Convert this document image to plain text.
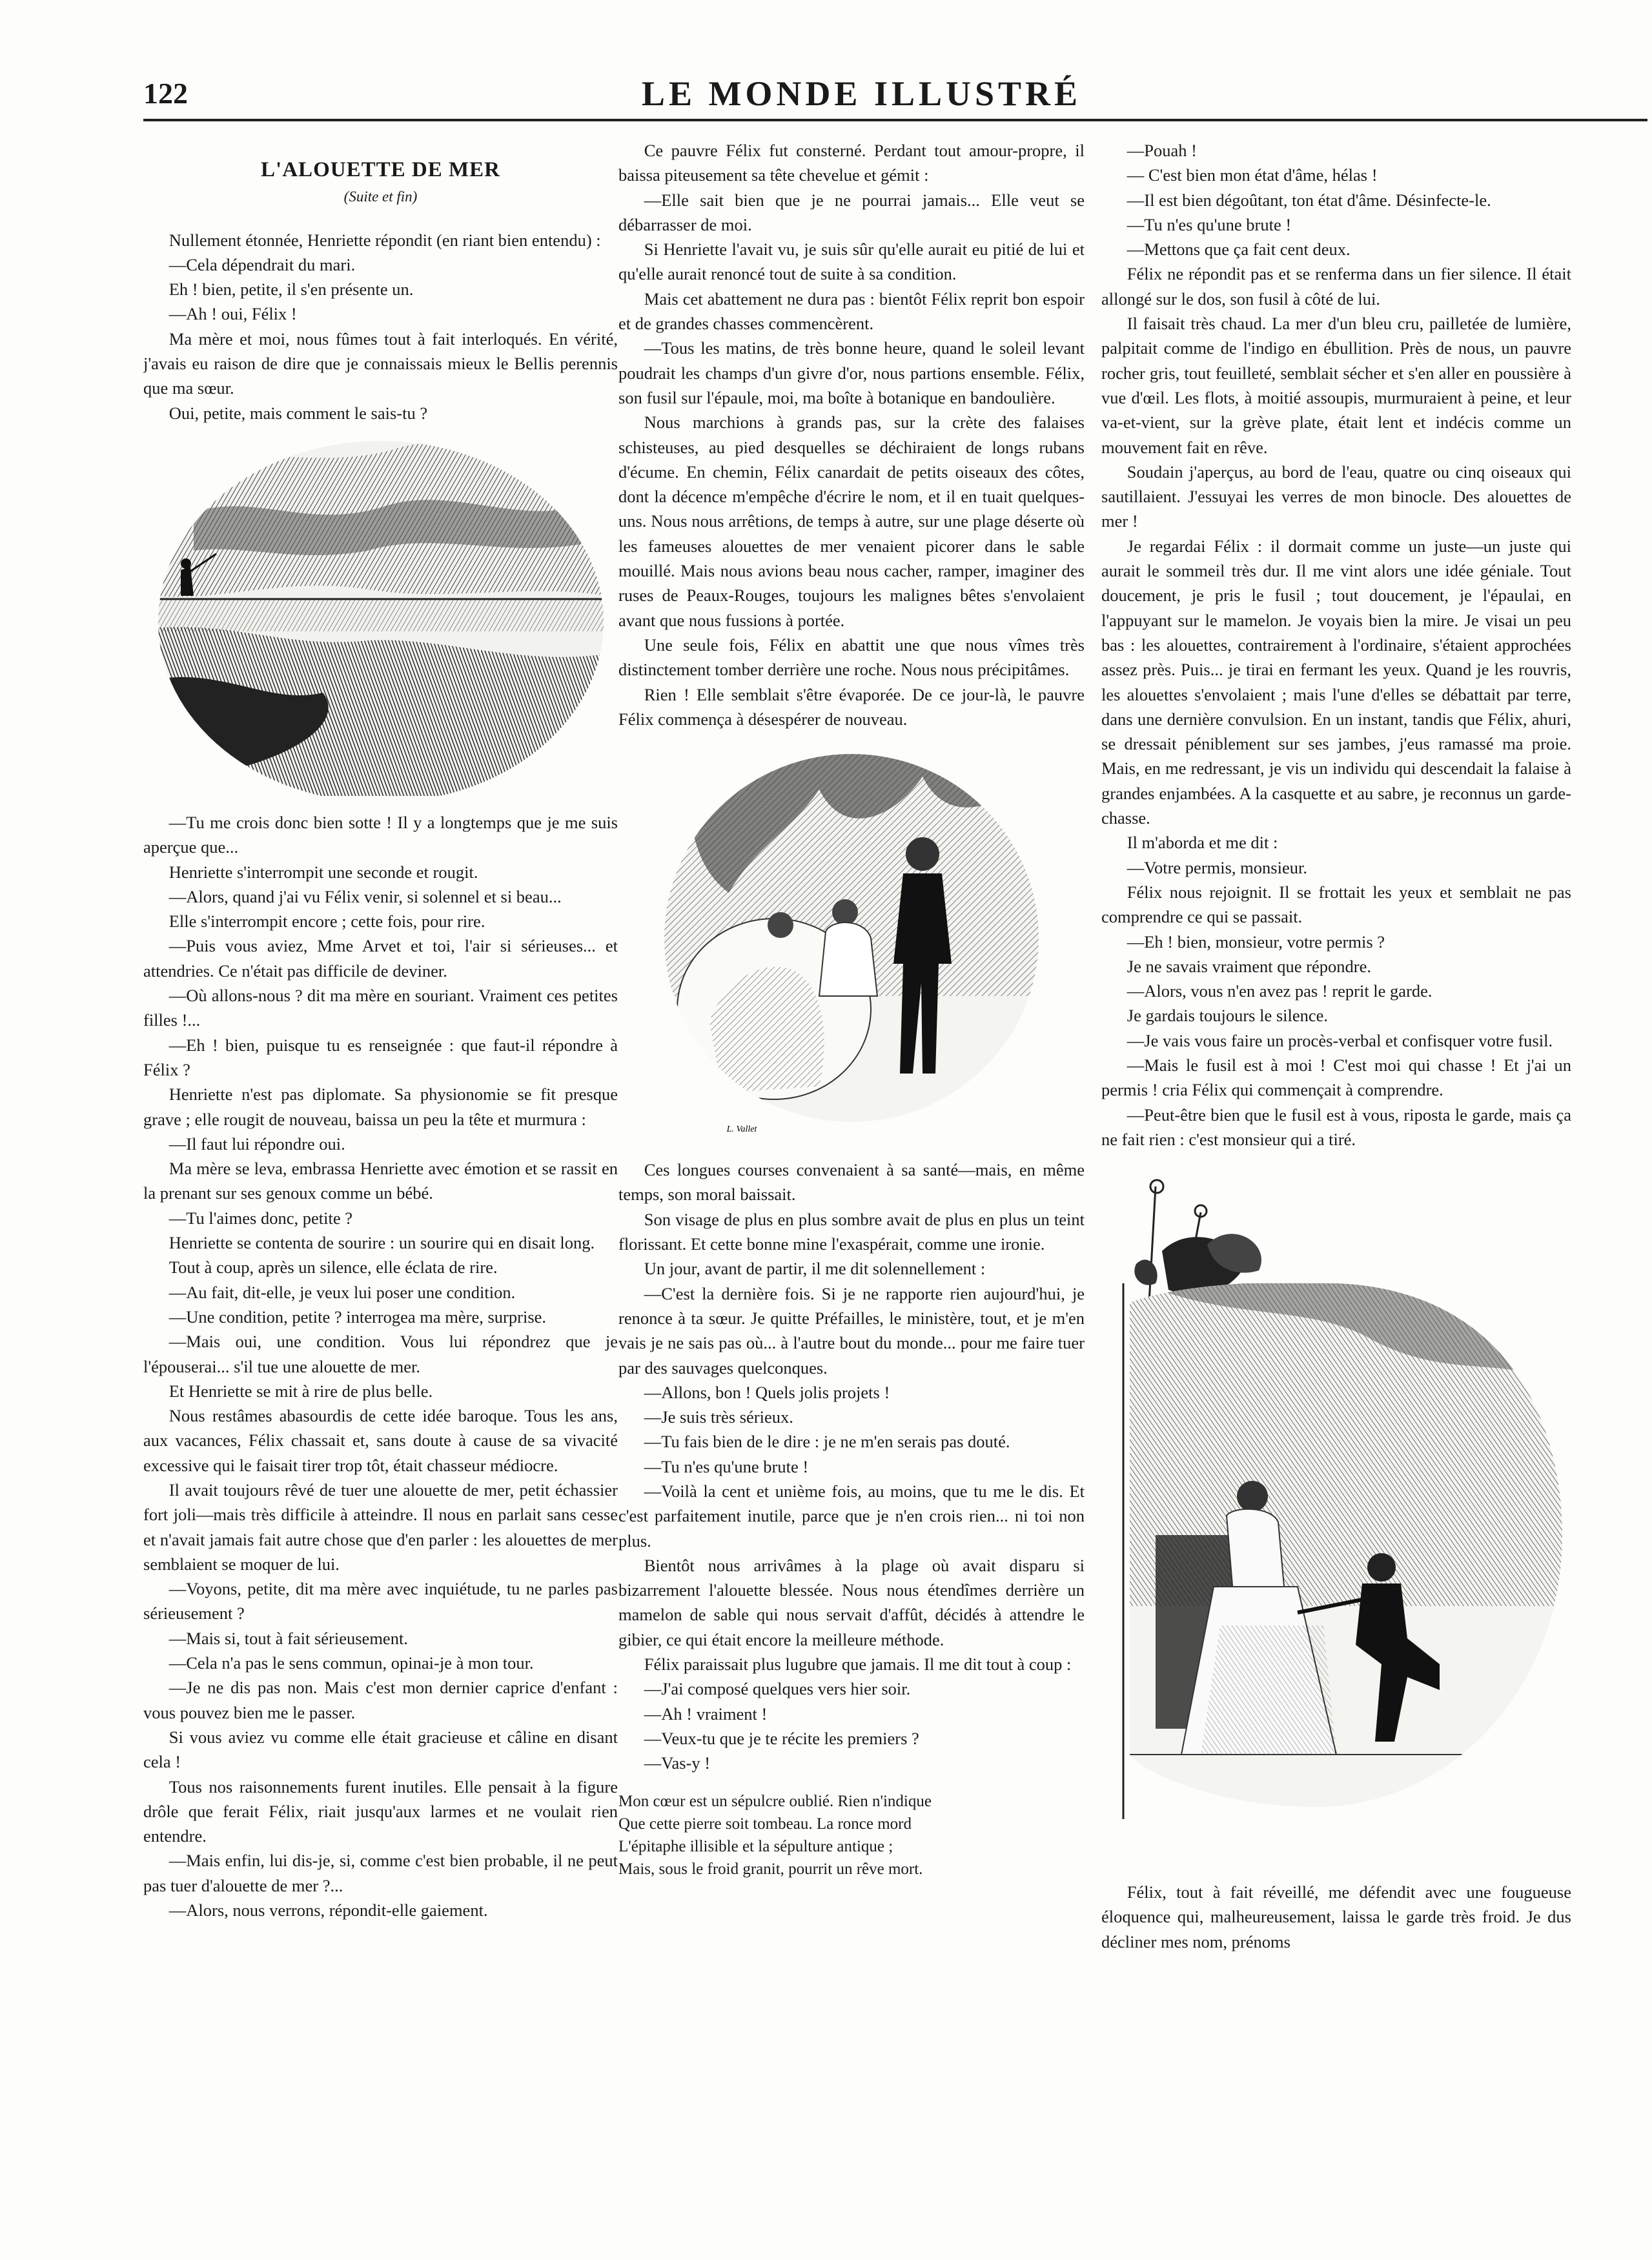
122	LE MONDE ILLUSTRÉ
L'ALOUETTE DE MER
(Suite et fin)

Nullement étonnée, Henriette répondit (en riant bien entendu) :

—Cela dépendrait du mari.

Eh ! bien, petite, il s'en présente un.

—Ah ! oui, Félix !

Ma mère et moi, nous fûmes tout à fait interloqués. En vérité, j'avais eu raison de dire que je connaissais mieux le Bellis perennis que ma sœur.

Oui, petite, mais comment le sais-tu ?

—Tu me crois donc bien sotte ! Il y a longtemps que je me suis aperçue que...

Henriette s'interrompit une seconde et rougit.

—Alors, quand j'ai vu Félix venir, si solennel et si beau...

Elle s'interrompit encore ; cette fois, pour rire.

—Puis vous aviez, Mme Arvet et toi, l'air si sérieuses... et attendries. Ce n'était pas difficile de deviner.

—Où allons-nous ? dit ma mère en souriant. Vraiment ces petites filles !...

—Eh ! bien, puisque tu es renseignée : que faut-il répondre à Félix ?

Henriette n'est pas diplomate. Sa physionomie se fit presque grave ; elle rougit de nouveau, baissa un peu la tête et murmura :

—Il faut lui répondre oui.

Ma mère se leva, embrassa Henriette avec émotion et se rassit en la prenant sur ses genoux comme un bébé.

—Tu l'aimes donc, petite ?

Henriette se contenta de sourire : un sourire qui en disait long.

Tout à coup, après un silence, elle éclata de rire.

—Au fait, dit-elle, je veux lui poser une condition.

—Une condition, petite ? interrogea ma mère, surprise.

—Mais oui, une condition. Vous lui répondrez que je l'épouserai... s'il tue une alouette de mer.

Et Henriette se mit à rire de plus belle.

Nous restâmes abasourdis de cette idée baroque. Tous les ans, aux vacances, Félix chassait et, sans doute à cause de sa vivacité excessive qui le faisait tirer trop tôt, était chasseur médiocre.

Il avait toujours rêvé de tuer une alouette de mer, petit échassier fort joli—mais très difficile à atteindre. Il nous en parlait sans cesse et n'avait jamais fait autre chose que d'en parler : les alouettes de mer semblaient se moquer de lui.

—Voyons, petite, dit ma mère avec inquiétude, tu ne parles pas sérieusement ?

—Mais si, tout à fait sérieusement.

—Cela n'a pas le sens commun, opinai-je à mon tour.

—Je ne dis pas non. Mais c'est mon dernier caprice d'enfant : vous pouvez bien me le passer.

Si vous aviez vu comme elle était gracieuse et câline en disant cela !

Tous nos raisonnements furent inutiles. Elle pensait à la figure drôle que ferait Félix, riait jusqu'aux larmes et ne voulait rien entendre.

—Mais enfin, lui dis-je, si, comme c'est bien probable, il ne peut pas tuer d'alouette de mer ?...

—Alors, nous verrons, répondit-elle gaiement.

Ce pauvre Félix fut consterné. Perdant tout amour-propre, il baissa piteusement sa tête chevelue et gémit :

—Elle sait bien que je ne pourrai jamais... Elle veut se débarrasser de moi.

Si Henriette l'avait vu, je suis sûr qu'elle aurait eu pitié de lui et qu'elle aurait renoncé tout de suite à sa condition.

Mais cet abattement ne dura pas : bientôt Félix reprit bon espoir et de grandes chasses commencèrent.

—Tous les matins, de très bonne heure, quand le soleil levant poudrait les champs d'un givre d'or, nous partions ensemble. Félix, son fusil sur l'épaule, moi, ma boîte à botanique en bandoulière.

Nous marchions à grands pas, sur la crète des falaises schisteuses, au pied desquelles se déchiraient de longs rubans d'écume. En chemin, Félix canardait de petits oiseaux des côtes, dont la décence m'empêche d'écrire le nom, et il en tuait quelques-uns. Nous nous arrêtions, de temps à autre, sur une plage déserte où les fameuses alouettes de mer venaient picorer dans le sable mouillé. Mais nous avions beau nous cacher, ramper, imaginer des ruses de Peaux-Rouges, toujours les malignes bêtes s'envolaient avant que nous fussions à portée.

Une seule fois, Félix en abattit une que nous vîmes très distinctement tomber derrière une roche. Nous nous précipitâmes.

Rien ! Elle semblait s'être évaporée. De ce jour-là, le pauvre Félix commença à désespérer de nouveau.

L. Vallet

Ces longues courses convenaient à sa santé—mais, en même temps, son moral baissait.

Son visage de plus en plus sombre avait de plus en plus un teint florissant. Et cette bonne mine l'exaspérait, comme une ironie.

Un jour, avant de partir, il me dit solennellement :

—C'est la dernière fois. Si je ne rapporte rien aujourd'hui, je renonce à ta sœur. Je quitte Préfailles, le ministère, tout, et je m'en vais je ne sais pas où... à l'autre bout du monde... pour me faire tuer par des sauvages quelconques.

—Allons, bon ! Quels jolis projets !

—Je suis très sérieux.

—Tu fais bien de le dire : je ne m'en serais pas douté.

—Tu n'es qu'une brute !

—Voilà la cent et unième fois, au moins, que tu me le dis. Et c'est parfaitement inutile, parce que je n'en crois rien... ni toi non plus.

Bientôt nous arrivâmes à la plage où avait disparu si bizarrement l'alouette blessée. Nous nous étendîmes derrière un mamelon de sable qui nous servait d'affût, décidés à attendre le gibier, ce qui était encore la meilleure méthode.

Félix paraissait plus lugubre que jamais. Il me dit tout à coup :

—J'ai composé quelques vers hier soir.

—Ah ! vraiment !

—Veux-tu que je te récite les premiers ?

—Vas-y !

Mon cœur est un sépulcre oublié. Rien n'indique
Que cette pierre soit tombeau. La ronce mord
L'épitaphe illisible et la sépulture antique ;
Mais, sous le froid granit, pourrit un rêve mort.

—Pouah !

— C'est bien mon état d'âme, hélas !

—Il est bien dégoûtant, ton état d'âme. Désinfecte-le.

—Tu n'es qu'une brute !

—Mettons que ça fait cent deux.

Félix ne répondit pas et se renferma dans un fier silence. Il était allongé sur le dos, son fusil à côté de lui.

Il faisait très chaud. La mer d'un bleu cru, pailletée de lumière, palpitait comme de l'indigo en ébullition. Près de nous, un pauvre rocher gris, tout feuilleté, semblait sécher et s'en aller en poussière à vue d'œil. Les flots, à moitié assoupis, murmuraient à peine, et leur va-et-vient, sur la grève plate, était lent et indécis comme un mouvement fait en rêve.

Soudain j'aperçus, au bord de l'eau, quatre ou cinq oiseaux qui sautillaient. J'essuyai les verres de mon binocle. Des alouettes de mer !

Je regardai Félix : il dormait comme un juste—un juste qui aurait le sommeil très dur. Il me vint alors une idée géniale. Tout doucement, je pris le fusil ; tout doucement, je l'épaulai, en l'appuyant sur le mamelon. Je voyais bien la mire. Je visai un peu bas : les alouettes, contrairement à l'ordinaire, s'étaient approchées assez près. Puis... je tirai en fermant les yeux. Quand je les rouvris, les alouettes s'envolaient ; mais l'une d'elles se débattait par terre, dans une dernière convulsion. En un instant, tandis que Félix, ahuri, se dressait péniblement sur ses jambes, j'eus ramassé ma proie. Mais, en me redressant, je vis un individu qui descendait la falaise à grandes enjambées. A la casquette et au sabre, je reconnus un garde-chasse.

Il m'aborda et me dit :

—Votre permis, monsieur.

Félix nous rejoignit. Il se frottait les yeux et semblait ne pas comprendre ce qui se passait.

—Eh ! bien, monsieur, votre permis ?

Je ne savais vraiment que répondre.

—Alors, vous n'en avez pas ! reprit le garde.

Je gardais toujours le silence.

—Je vais vous faire un procès-verbal et confisquer votre fusil.

—Mais le fusil est à moi ! C'est moi qui chasse ! Et j'ai un permis ! cria Félix qui commençait à comprendre.

—Peut-être bien que le fusil est à vous, riposta le garde, mais ça ne fait rien : c'est monsieur qui a tiré.

Félix, tout à fait réveillé, me défendit avec une fougueuse éloquence qui, malheureusement, laissa le garde très froid. Je dus décliner mes nom, prénoms
